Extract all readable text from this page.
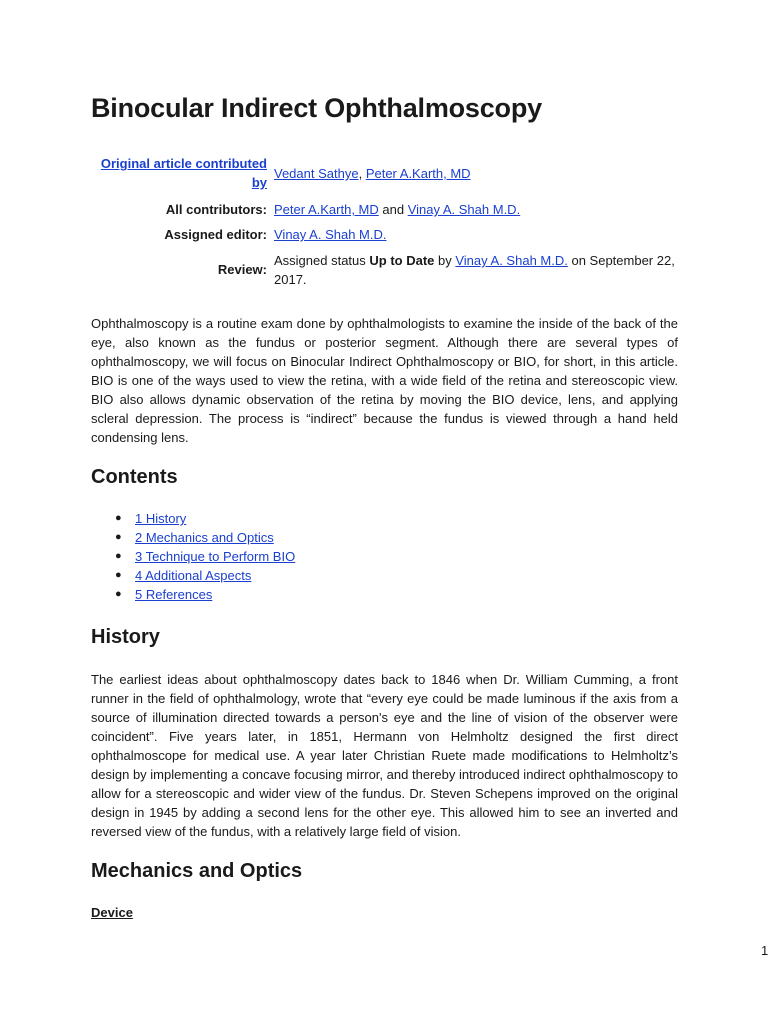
Binocular Indirect Ophthalmoscopy
Original article contributed by
Vedant Sathye, Peter A.Karth, MD
All contributors: Peter A.Karth, MD and Vinay A. Shah M.D.
Assigned editor: Vinay A. Shah M.D.
Review:
Assigned status Up to Date by Vinay A. Shah M.D. on September 22, 2017.

Ophthalmoscopy is a routine exam done by ophthalmologists to examine the inside of the back of the eye, also known as the fundus or posterior segment. Although there are several types of ophthalmoscopy, we will focus on Binocular Indirect Ophthalmoscopy or BIO, for short, in this article. BIO is one of the ways used to view the retina, with a wide field of the retina and stereoscopic view. BIO also allows dynamic observation of the retina by moving the BIO device, lens, and applying scleral depression. The process is “indirect” because the fundus is viewed through a hand held condensing lens.

Contents
● 1 History
● 2 Mechanics and Optics
● 3 Technique to Perform BIO
● 4 Additional Aspects
● 5 References
History

The earliest ideas about ophthalmoscopy dates back to 1846 when Dr. William Cumming, a front runner in the field of ophthalmology, wrote that “every eye could be made luminous if the axis from a source of illumination directed towards a person's eye and the line of vision of the observer were coincident”. Five years later, in 1851, Hermann von Helmholtz designed the first direct ophthalmoscope for medical use. A year later Christian Ruete made modifications to Helmholtz’s design by implementing a concave focusing mirror, and thereby introduced indirect ophthalmoscopy to allow for a stereoscopic and wider view of the fundus. Dr. Steven Schepens improved on the original design in 1945 by adding a second lens for the other eye. This allowed him to see an inverted and reversed view of the fundus, with a relatively large field of vision.

Mechanics and Optics
Device
1
